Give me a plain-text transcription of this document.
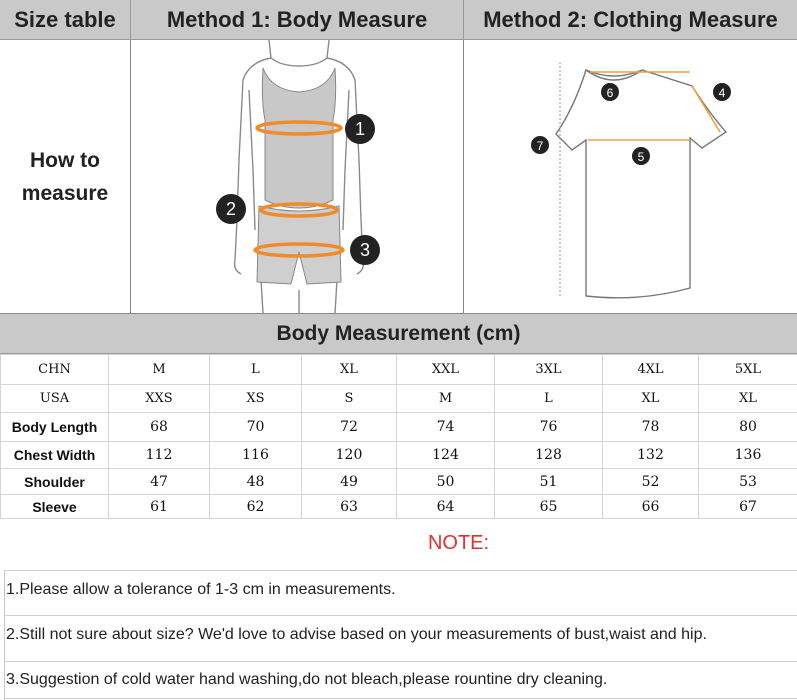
Size table	Method 1: Body Measure	Method 2: Clothing Measure
How to
measure
1
2
3
6	4
7
5
Body Measurement (cm)
CHN	M	L	XL	XXL	3XL	4XL	5XL
USA	XXS	XS	S	M	L	XL	XL
Body Length	68	70	72	74	76	78	80
Chest Width	112	116	120	124	128	132	136
Shoulder	47	48	49	50	51	52	53
Sleeve	61	62	63	64	65	66	67
NOTE:
1.Please allow a tolerance of 1-3 cm in measurements.
2.Still not sure about size? We'd love to advise based on your measurements of bust,waist and hip.
3.Suggestion of cold water hand washing,do not bleach,please rountine dry cleaning.
